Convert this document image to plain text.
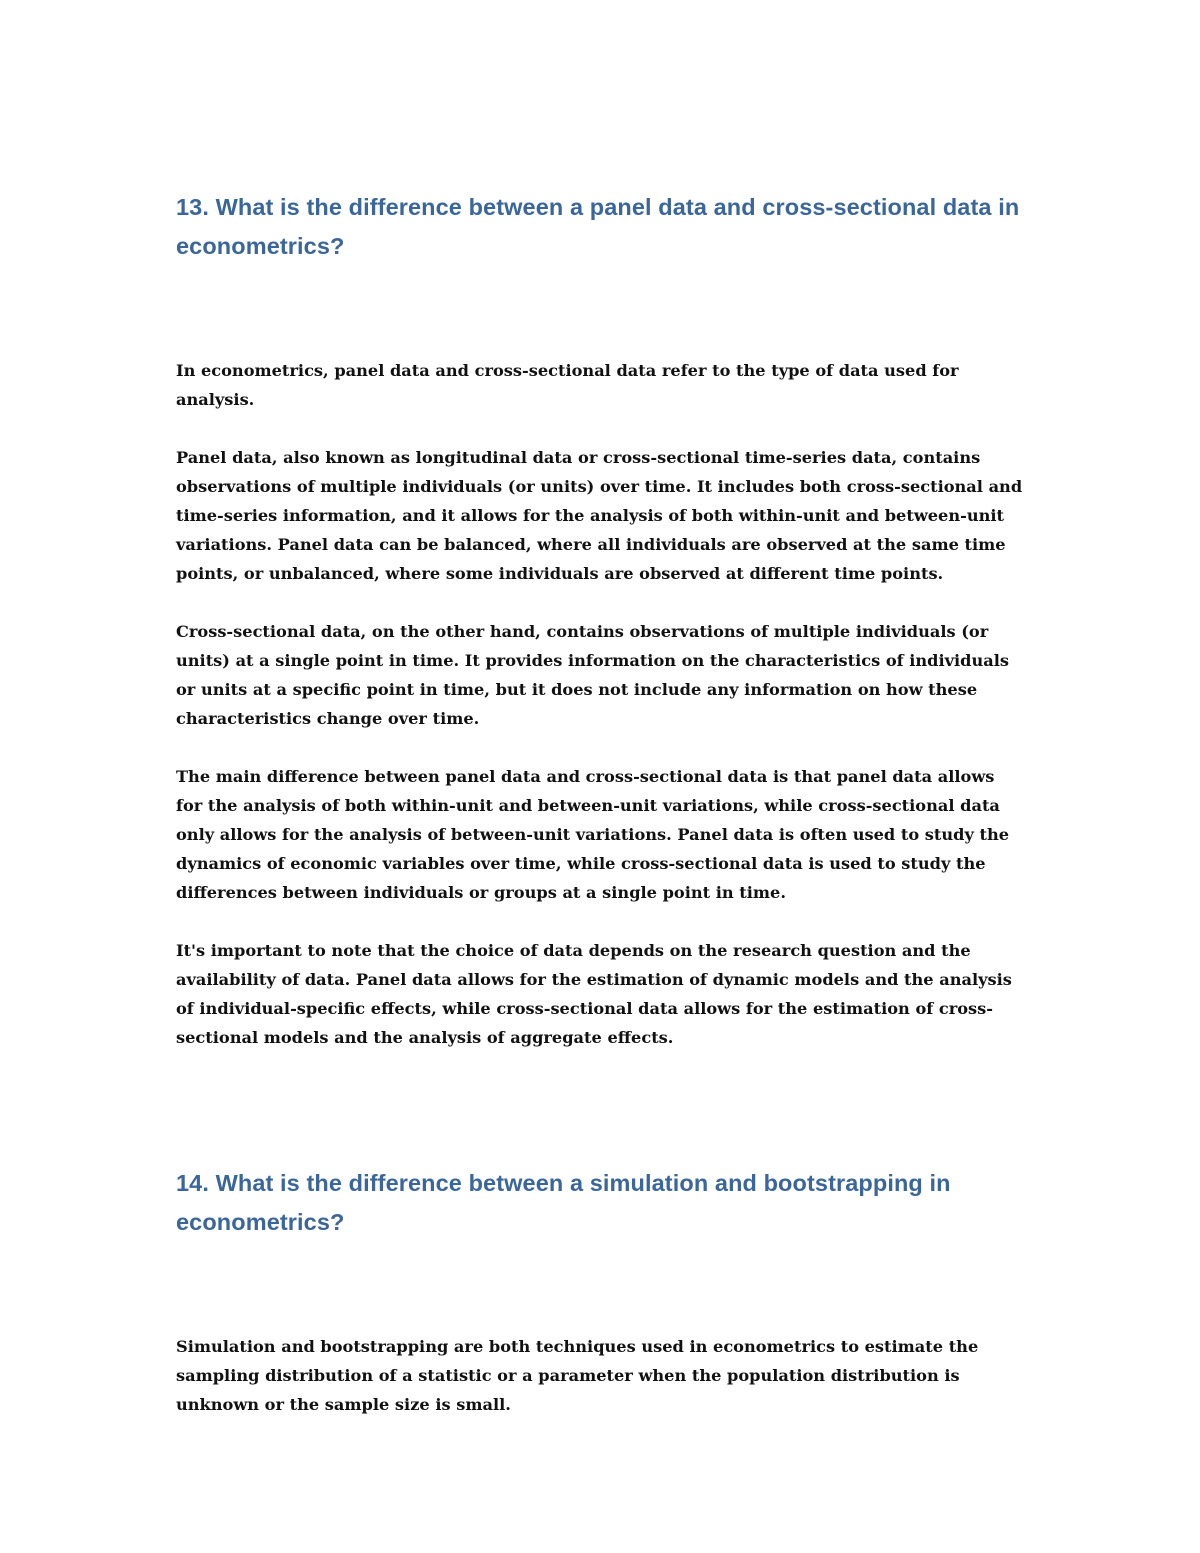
13. What is the difference between a panel data and cross-sectional data in econometrics?

In econometrics, panel data and cross-sectional data refer to the type of data used for analysis.

Panel data, also known as longitudinal data or cross-sectional time-series data, contains observations of multiple individuals (or units) over time. It includes both cross-sectional and time-series information, and it allows for the analysis of both within-unit and between-unit variations. Panel data can be balanced, where all individuals are observed at the same time points, or unbalanced, where some individuals are observed at different time points.

Cross-sectional data, on the other hand, contains observations of multiple individuals (or units) at a single point in time. It provides information on the characteristics of individuals or units at a specific point in time, but it does not include any information on how these characteristics change over time.

The main difference between panel data and cross-sectional data is that panel data allows for the analysis of both within-unit and between-unit variations, while cross-sectional data only allows for the analysis of between-unit variations. Panel data is often used to study the dynamics of economic variables over time, while cross-sectional data is used to study the differences between individuals or groups at a single point in time.

It's important to note that the choice of data depends on the research question and the availability of data. Panel data allows for the estimation of dynamic models and the analysis of individual-specific effects, while cross-sectional data allows for the estimation of cross-sectional models and the analysis of aggregate effects.

14. What is the difference between a simulation and bootstrapping in econometrics?

Simulation and bootstrapping are both techniques used in econometrics to estimate the sampling distribution of a statistic or a parameter when the population distribution is unknown or the sample size is small.
